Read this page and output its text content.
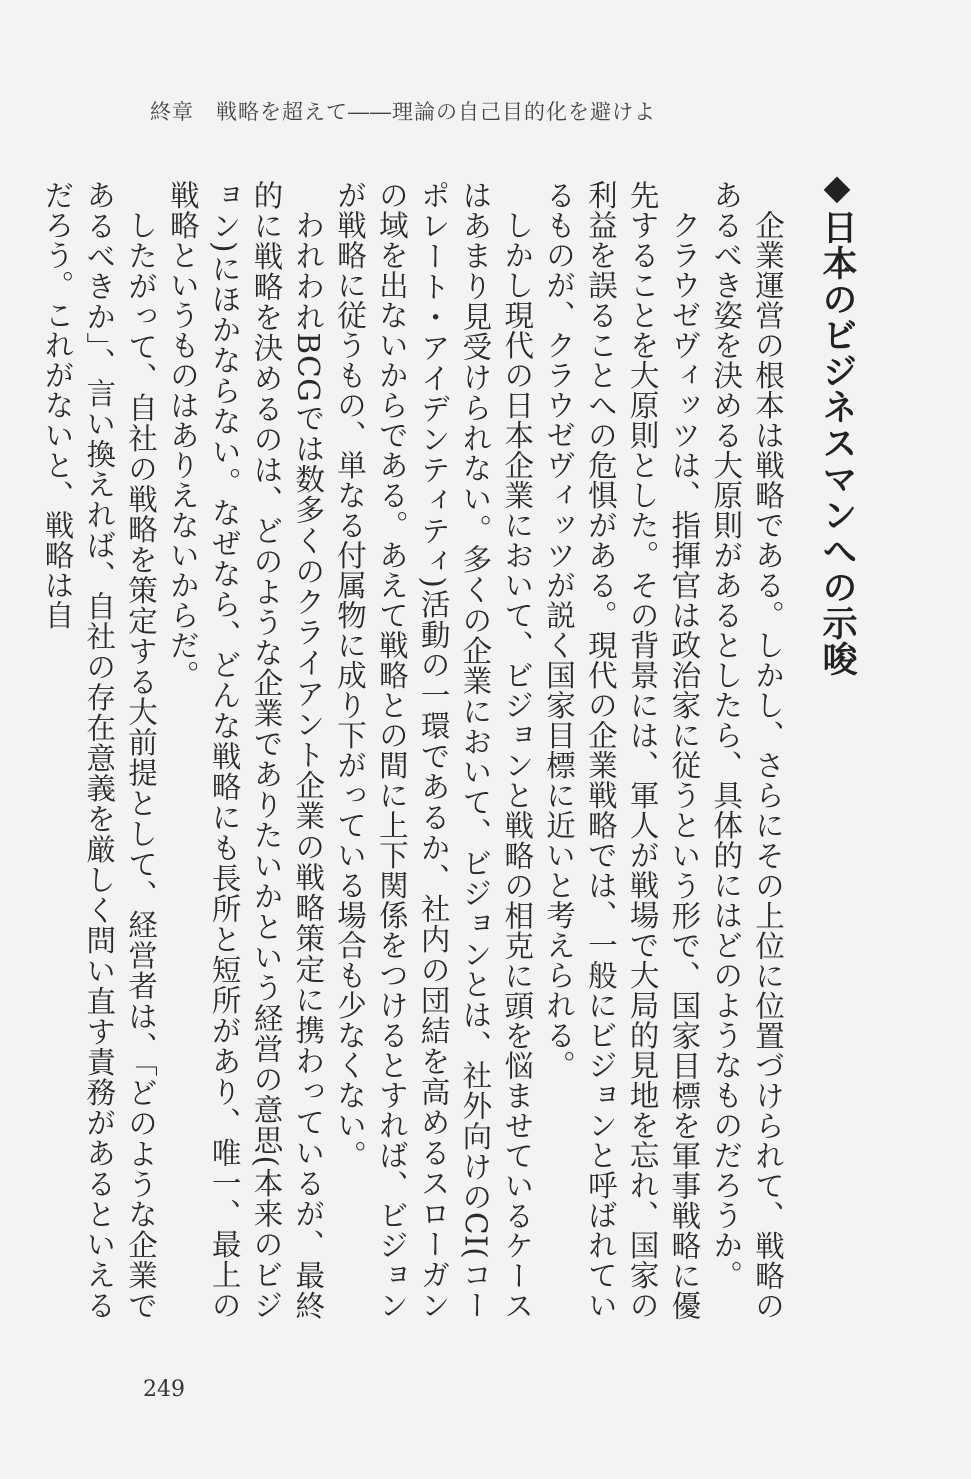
終章 戦略を超えて――理論の自己目的化を避けよ
◆日本のビジネスマンへの示唆

企業運営の根本は戦略である。しかし、さらにその上位に位置づけられて、戦略のあるべき姿を決める大原則があるとしたら、具体的にはどのようなものだろうか。

クラウゼヴィッツは、指揮官は政治家に従うという形で、国家目標を軍事戦略に優先することを大原則とした。その背景には、軍人が戦場で大局的見地を忘れ、国家の利益を誤ることへの危惧がある。現代の企業戦略では、一般にビジョンと呼ばれているものが、クラウゼヴィッツが説く国家目標に近いと考えられる。

しかし現代の日本企業において、ビジョンと戦略の相克に頭を悩ませているケースはあまり見受けられない。多くの企業において、ビジョンとは、社外向けのCI(コーポレート・アイデンティティ)活動の一環であるか、社内の団結を高めるスローガンの域を出ないからである。あえて戦略との間に上下関係をつけるとすれば、ビジョンが戦略に従うもの、単なる付属物に成り下がっている場合も少なくない。

われわれBCGでは数多くのクライアント企業の戦略策定に携わっているが、最終的に戦略を決めるのは、どのような企業でありたいかという経営の意思(本来のビジョン)にほかならない。なぜなら、どんな戦略にも長所と短所があり、唯一、最上の戦略というものはありえないからだ。

したがって、自社の戦略を策定する大前提として、経営者は、「どのような企業であるべきか」、言い換えれば、自社の存在意義を厳しく問い直す責務があるといえるだろう。これがないと、戦略は自

249
